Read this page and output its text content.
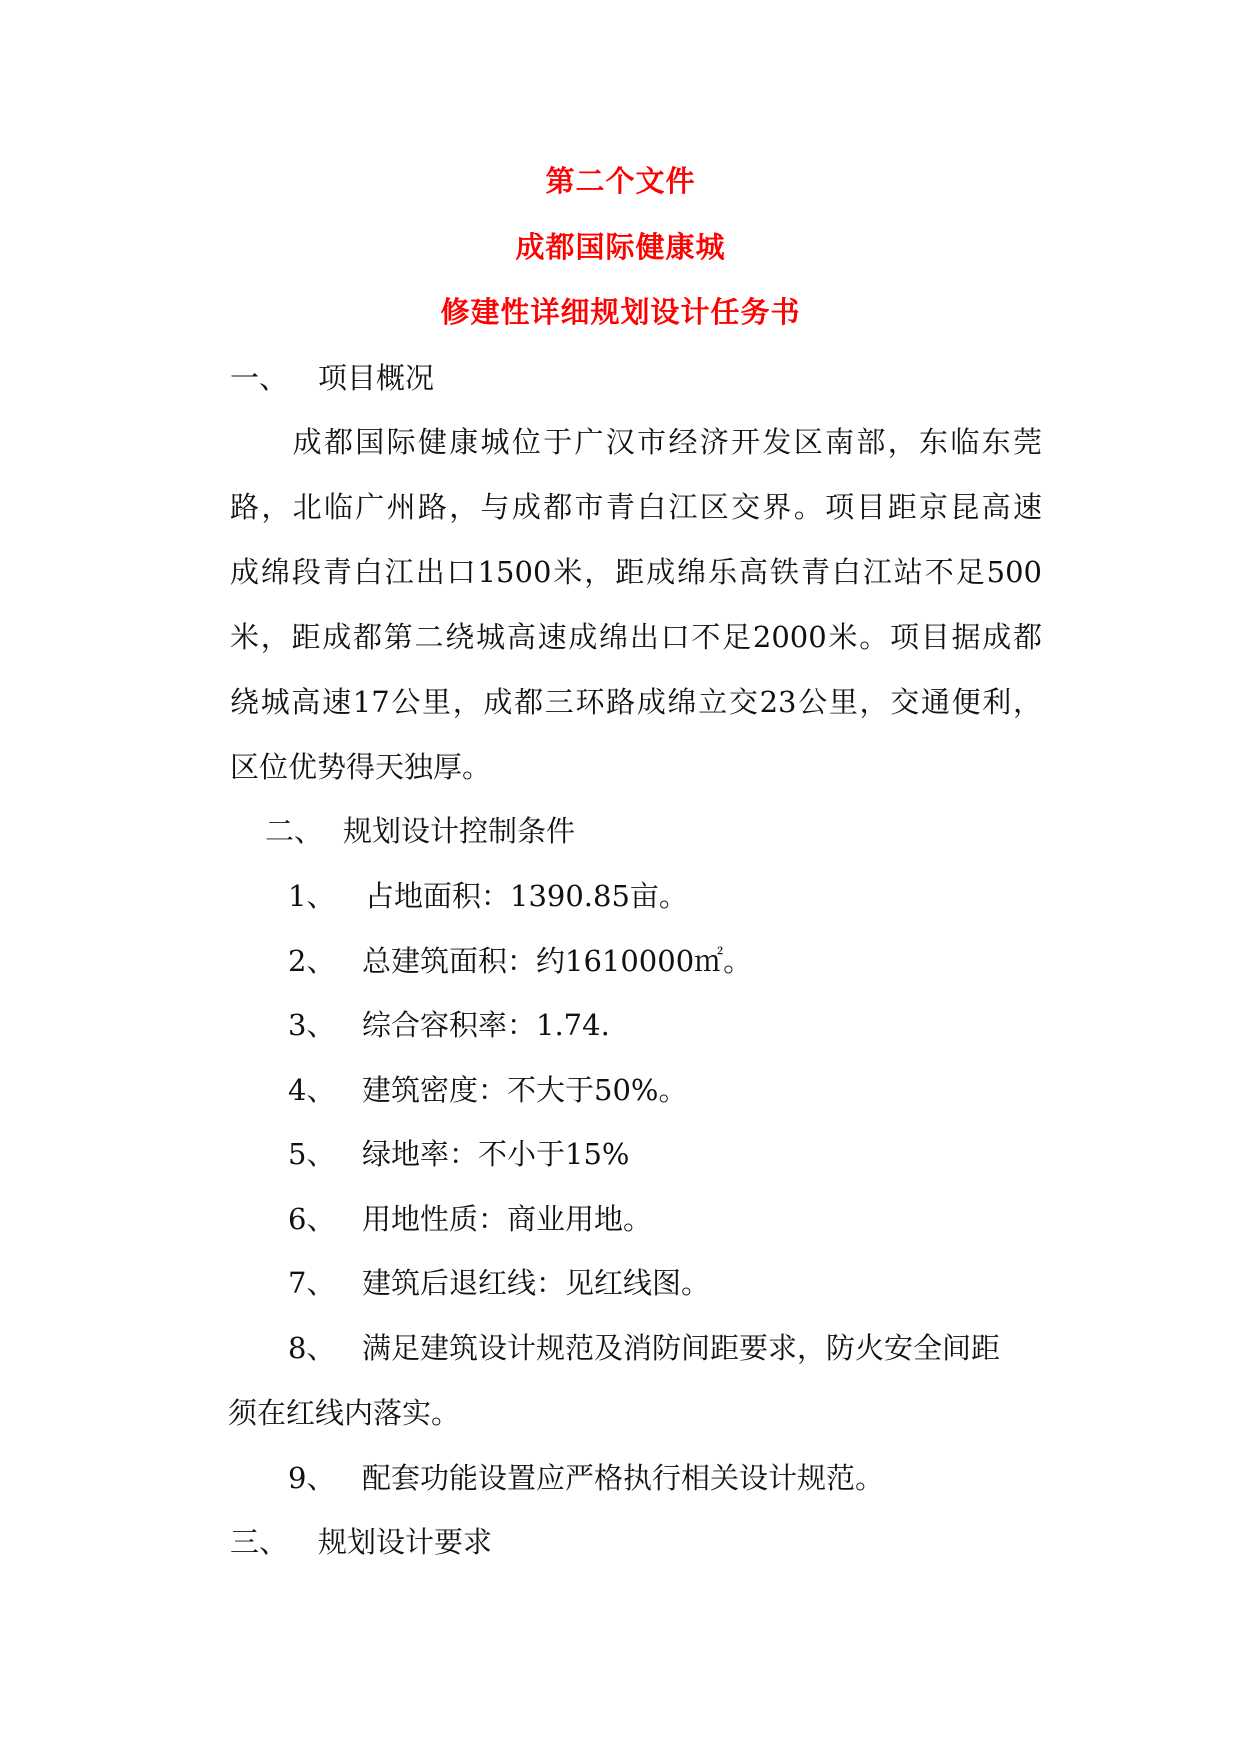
第二个文件
成都国际健康城
修建性详细规划设计任务书
一、 项目概况
　　成都国际健康城位于广汉市经济开发区南部，东临东莞
路，北临广州路，与成都市青白江区交界。项目距京昆高速
成绵段青白江出口1500米，距成绵乐高铁青白江站不足500
米，距成都第二绕城高速成绵出口不足2000米。项目据成都
绕城高速17公里，成都三环路成绵立交23公里，交通便利，
区位优势得天独厚。
二、 规划设计控制条件
1、 占地面积：1390.85亩。
2、 总建筑面积：约1610000㎡。
3、 综合容积率：1.74.
4、 建筑密度：不大于50%。
5、 绿地率：不小于15%
6、 用地性质：商业用地。
7、 建筑后退红线：见红线图。
8、 满足建筑设计规范及消防间距要求，防火安全间距
须在红线内落实。
9、 配套功能设置应严格执行相关设计规范。
三、 规划设计要求
